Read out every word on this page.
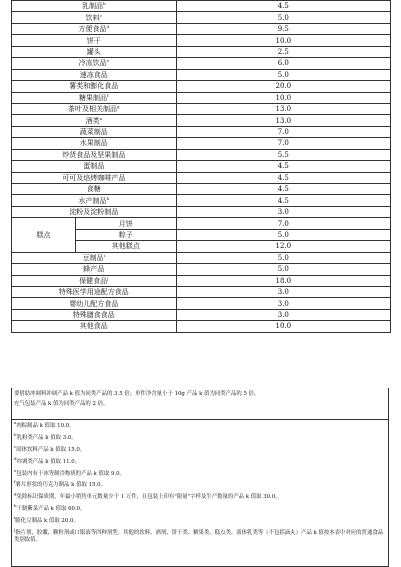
乳制品$^b$		4.5
饮料$^c$		5.0
方便食品$^d$		9.5
饼干		10.0
罐头		2.5
冷冻饮品$^e$		6.0
速冻食品		5.0
薯类和膨化食品		20.0
糖果制品$^f$		10.0
茶叶及相关制品$^g$		13.0
酒类$^a$		13.0
蔬菜制品		7.0
水果制品		7.0
炒货食品及坚果制品		5.5
蛋制品		4.5
可可及焙烤咖啡产品		4.5
食糖		4.5
水产制品$^h$		4.5
淀粉及淀粉制品		3.0
糕点	月饼	7.0
	粽子	5.0
	其他糕点	12.0
豆制品$^i$		5.0
蜂产品		5.0
保健食品$^j$		18.0
特殊医学用途配方食品		3.0
婴幼儿配方食品		3.0
特殊膳食食品		3.0
其他食品		10.0
要借助冲调料冲调产品 k 值为同类产品的 3.5 倍；单件净含量小于 10g 产品 k 值为同类产品的 5 倍。
充气包装产品 k 值为同类产品的 2 倍。
$^a$肉粽制品 k 值取 10.0。
$^b$乳粉类产品 k 值取 3.0。
$^c$固体饮料产品 k 值取 15.0。
$^d$冲调类产品 k 值取 11.0。
$^e$包装内有干冰等制冷物质的产品 k 值取 9.0。
$^f$薯片形状的巧克力制品 k 值取 15.0。
$^g$免除标识保质期，年最小销售单元数量少于 1 万件，且包装上印有"限量"字样及生产数量的产品 k 值取 30.0。
$^h$干制紫菜产品 k 值取 60.0。
$^i$膨化豆制品 k 值取 20.0。
$^j$指片剂、胶囊、颗粒剂或口服液等四种剂型，其他的饮料、酒剂、饼干类、糖果类、糕点类、液体乳类等（不包括滴丸）产品 k 值按本表中对应的普通食品类别取值。
